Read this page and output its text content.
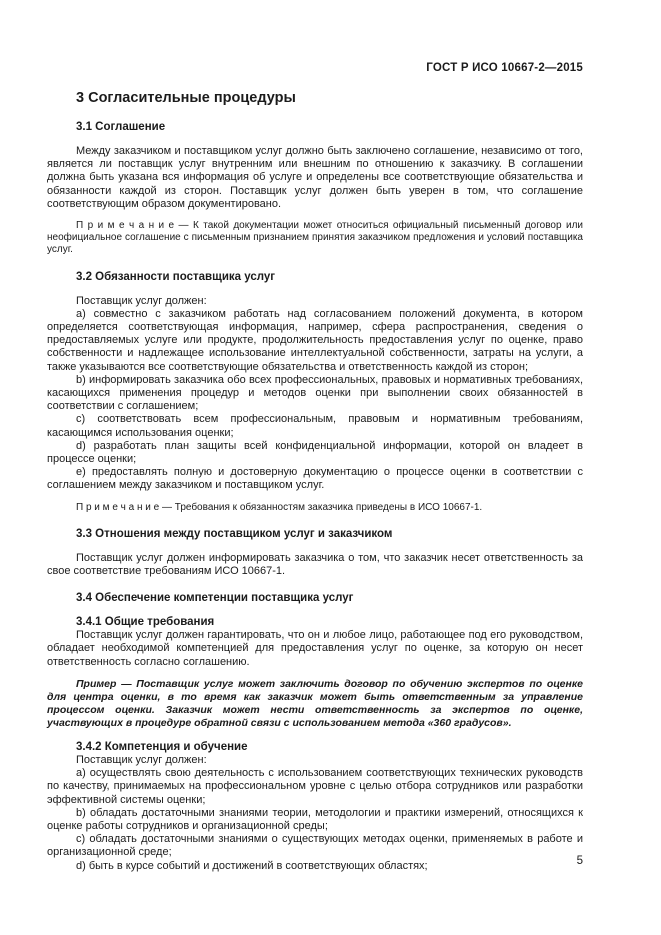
ГОСТ Р ИСО 10667-2—2015
3 Согласительные процедуры
3.1 Соглашение

Между заказчиком и поставщиком услуг должно быть заключено соглашение, независимо от того, является ли поставщик услуг внутренним или внешним по отношению к заказчику. В соглашении должна быть указана вся информация об услуге и определены все соответствующие обязательства и обязанности каждой из сторон. Поставщик услуг должен быть уверен в том, что соглашение соответствующим образом документировано.

П р и м е ч а н и е — К такой документации может относиться официальный письменный договор или неофициальное соглашение с письменным признанием принятия заказчиком предложения и условий поставщика услуг.

3.2 Обязанности поставщика услуг

Поставщик услуг должен:

a) совместно с заказчиком работать над согласованием положений документа, в котором определяется соответствующая информация, например, сфера распространения, сведения о предоставляемых услуге или продукте, продолжительность предоставления услуг по оценке, право собственности и надлежащее использование интеллектуальной собственности, затраты на услуги, а также указываются все соответствующие обязательства и ответственность каждой из сторон;

b) информировать заказчика обо всех профессиональных, правовых и нормативных требованиях, касающихся применения процедур и методов оценки при выполнении своих обязанностей в соответствии с соглашением;

c) соответствовать всем профессиональным, правовым и нормативным требованиям, касающимся использования оценки;

d) разработать план защиты всей конфиденциальной информации, которой он владеет в процессе оценки;

e) предоставлять полную и достоверную документацию о процессе оценки в соответствии с соглашением между заказчиком и поставщиком услуг.

П р и м е ч а н и е — Требования к обязанностям заказчика приведены в ИСО 10667-1.

3.3 Отношения между поставщиком услуг и заказчиком

Поставщик услуг должен информировать заказчика о том, что заказчик несет ответственность за свое соответствие требованиям ИСО 10667-1.

3.4 Обеспечение компетенции поставщика услуг
3.4.1 Общие требования

Поставщик услуг должен гарантировать, что он и любое лицо, работающее под его руководством, обладает необходимой компетенцией для предоставления услуг по оценке, за которую он несет ответственность согласно соглашению.

Пример — Поставщик услуг может заключить договор по обучению экспертов по оценке для центра оценки, в то время как заказчик может быть ответственным за управление процессом оценки. Заказчик может нести ответственность за экспертов по оценке, участвующих в процедуре обратной связи с использованием метода «360 градусов».

3.4.2 Компетенция и обучение

Поставщик услуг должен:

a) осуществлять свою деятельность с использованием соответствующих технических руководств по качеству, принимаемых на профессиональном уровне с целью отбора сотрудников или разработки эффективной системы оценки;

b) обладать достаточными знаниями теории, методологии и практики измерений, относящихся к оценке работы сотрудников и организационной среды;

c) обладать достаточными знаниями о существующих методах оценки, применяемых в работе и организационной среде;

d) быть в курсе событий и достижений в соответствующих областях;	5
